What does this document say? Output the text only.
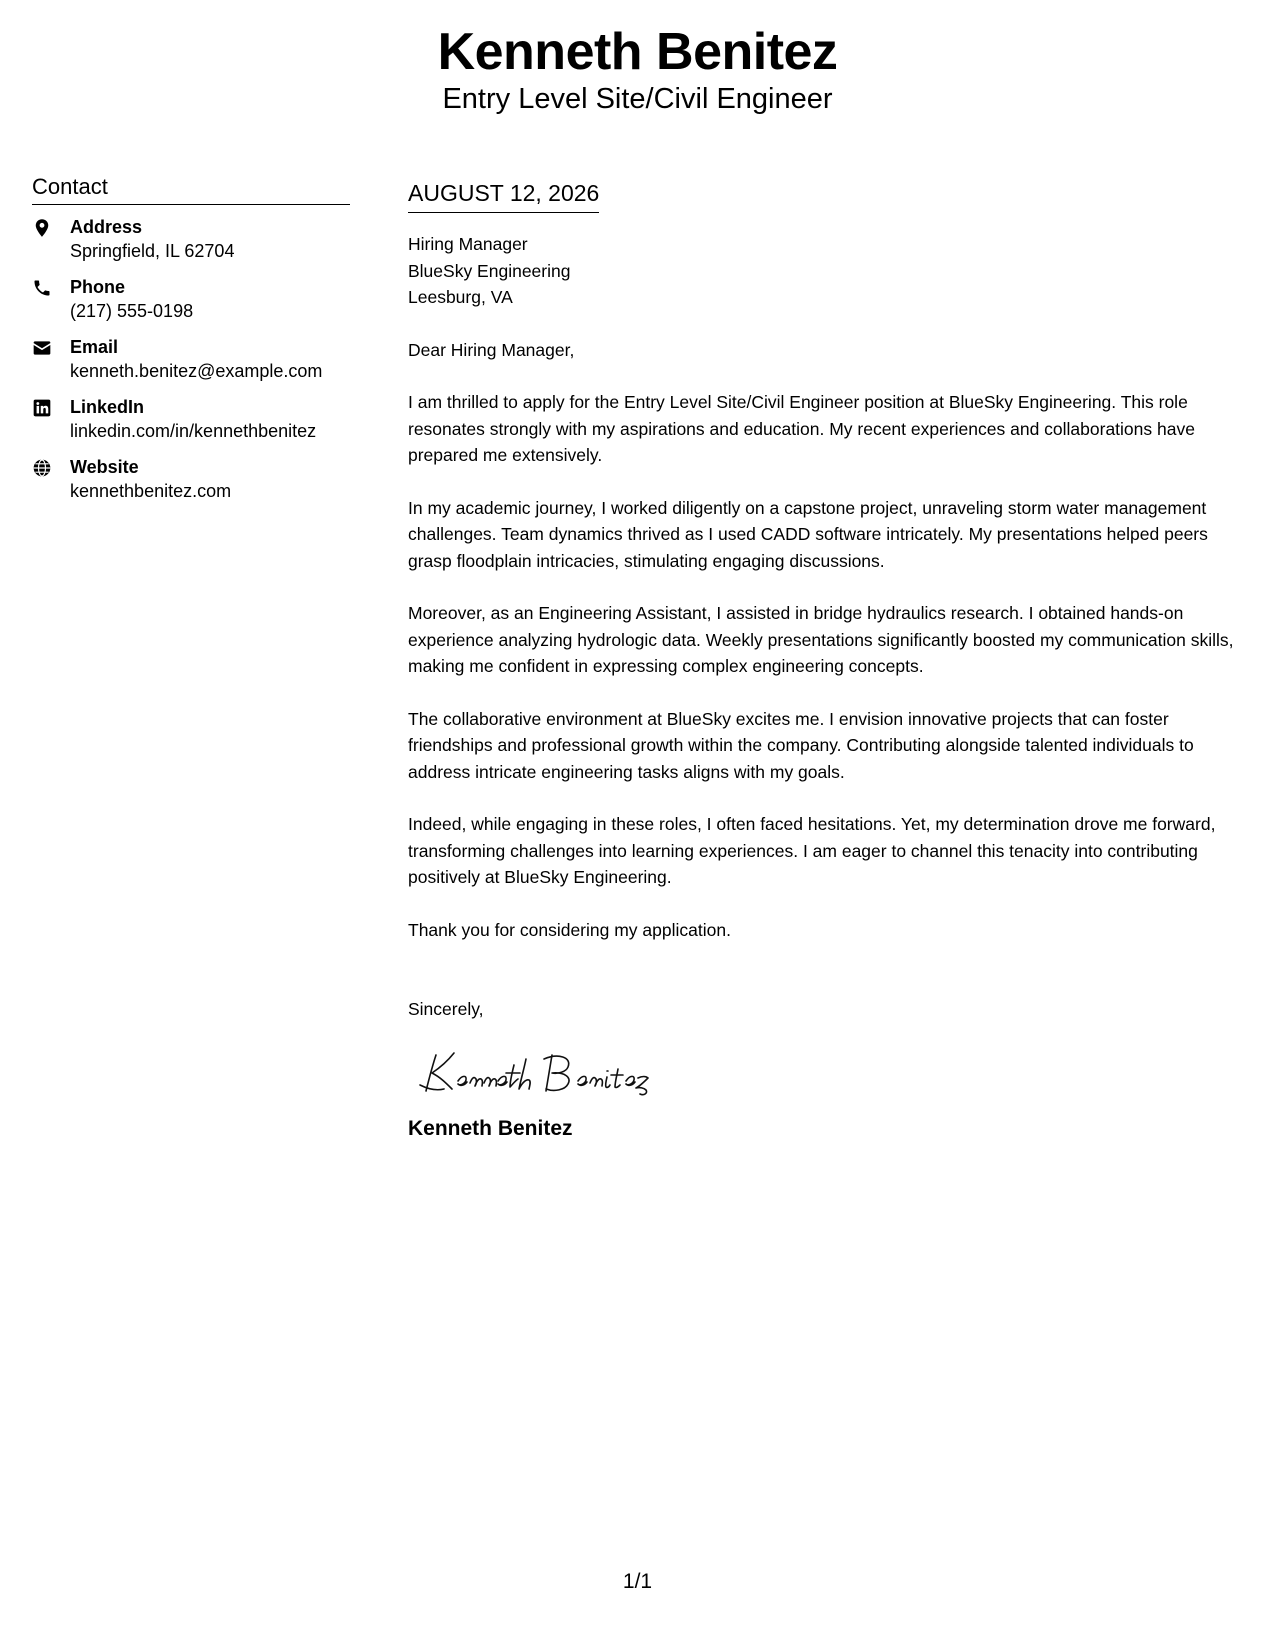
Kenneth Benitez
Entry Level Site/Civil Engineer
Contact
Address
Springfield, IL 62704
Phone
(217) 555-0198
Email
kenneth.benitez@example.com
LinkedIn
linkedin.com/in/kennethbenitez
Website
kennethbenitez.com
AUGUST 12, 2026
Hiring Manager
BlueSky Engineering
Leesburg, VA
Dear Hiring Manager,
I am thrilled to apply for the Entry Level Site/Civil Engineer position at BlueSky Engineering. This role resonates strongly with my aspirations and education. My recent experiences and collaborations have prepared me extensively.
In my academic journey, I worked diligently on a capstone project, unraveling storm water management challenges. Team dynamics thrived as I used CADD software intricately. My presentations helped peers grasp floodplain intricacies, stimulating engaging discussions.
Moreover, as an Engineering Assistant, I assisted in bridge hydraulics research. I obtained hands-on experience analyzing hydrologic data. Weekly presentations significantly boosted my communication skills, making me confident in expressing complex engineering concepts.
The collaborative environment at BlueSky excites me. I envision innovative projects that can foster friendships and professional growth within the company. Contributing alongside talented individuals to address intricate engineering tasks aligns with my goals.
Indeed, while engaging in these roles, I often faced hesitations. Yet, my determination drove me forward, transforming challenges into learning experiences. I am eager to channel this tenacity into contributing positively at BlueSky Engineering.
Thank you for considering my application.
Sincerely,
Kenneth Benitez
1/1
